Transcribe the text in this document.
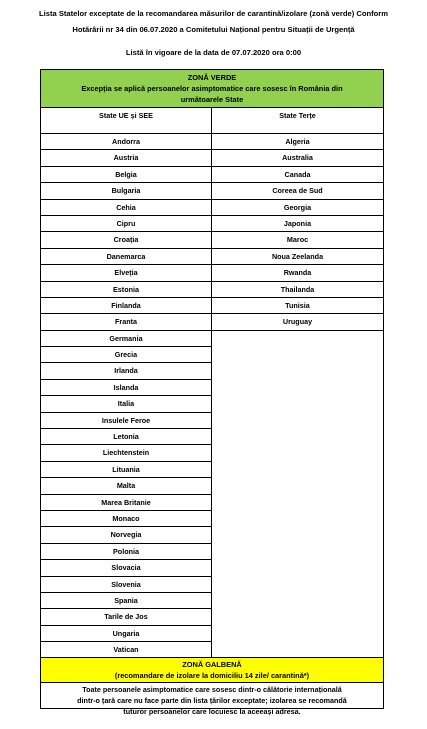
Lista Statelor exceptate de la recomandarea măsurilor de carantină/izolare (zonă verde) Conform
Hotărârii nr 34 din 06.07.2020 a Comitetului Național pentru Situații de Urgență
Listă în vigoare de la data de 07.07.2020 ora 0:00
ZONĂ VERDE
Excepția se aplică persoanelor asimptomatice care sosesc în România din
următoarele State
State UE și SEE
Andorra
Austria
Belgia
Bulgaria
Cehia
Cipru
Croația
Danemarca
Elveția
Estonia
Finlanda
Franta
Germania
Grecia
Irlanda
Islanda
Italia
Insulele Feroe
Letonia
Liechtenstein
Lituania
Malta
Marea Britanie
Monaco
Norvegia
Polonia
Slovacia
Slovenia
Spania
Tarile de Jos
Ungaria
Vatican
State Terțe
Algeria
Australia
Canada
Coreea de Sud
Georgia
Japonia
Maroc
Noua Zeelanda
Rwanda
Thailanda
Tunisia
Uruguay
ZONĂ GALBENĂ
(recomandare de izolare la domiciliu 14 zile/ carantină*)
Toate persoanele asimptomatice care sosesc dintr-o călătorie internațională
dintr-o țară care nu face parte din lista țărilor exceptate; izolarea se recomandă
tuturor persoanelor care locuiesc la aceeași adresa.
